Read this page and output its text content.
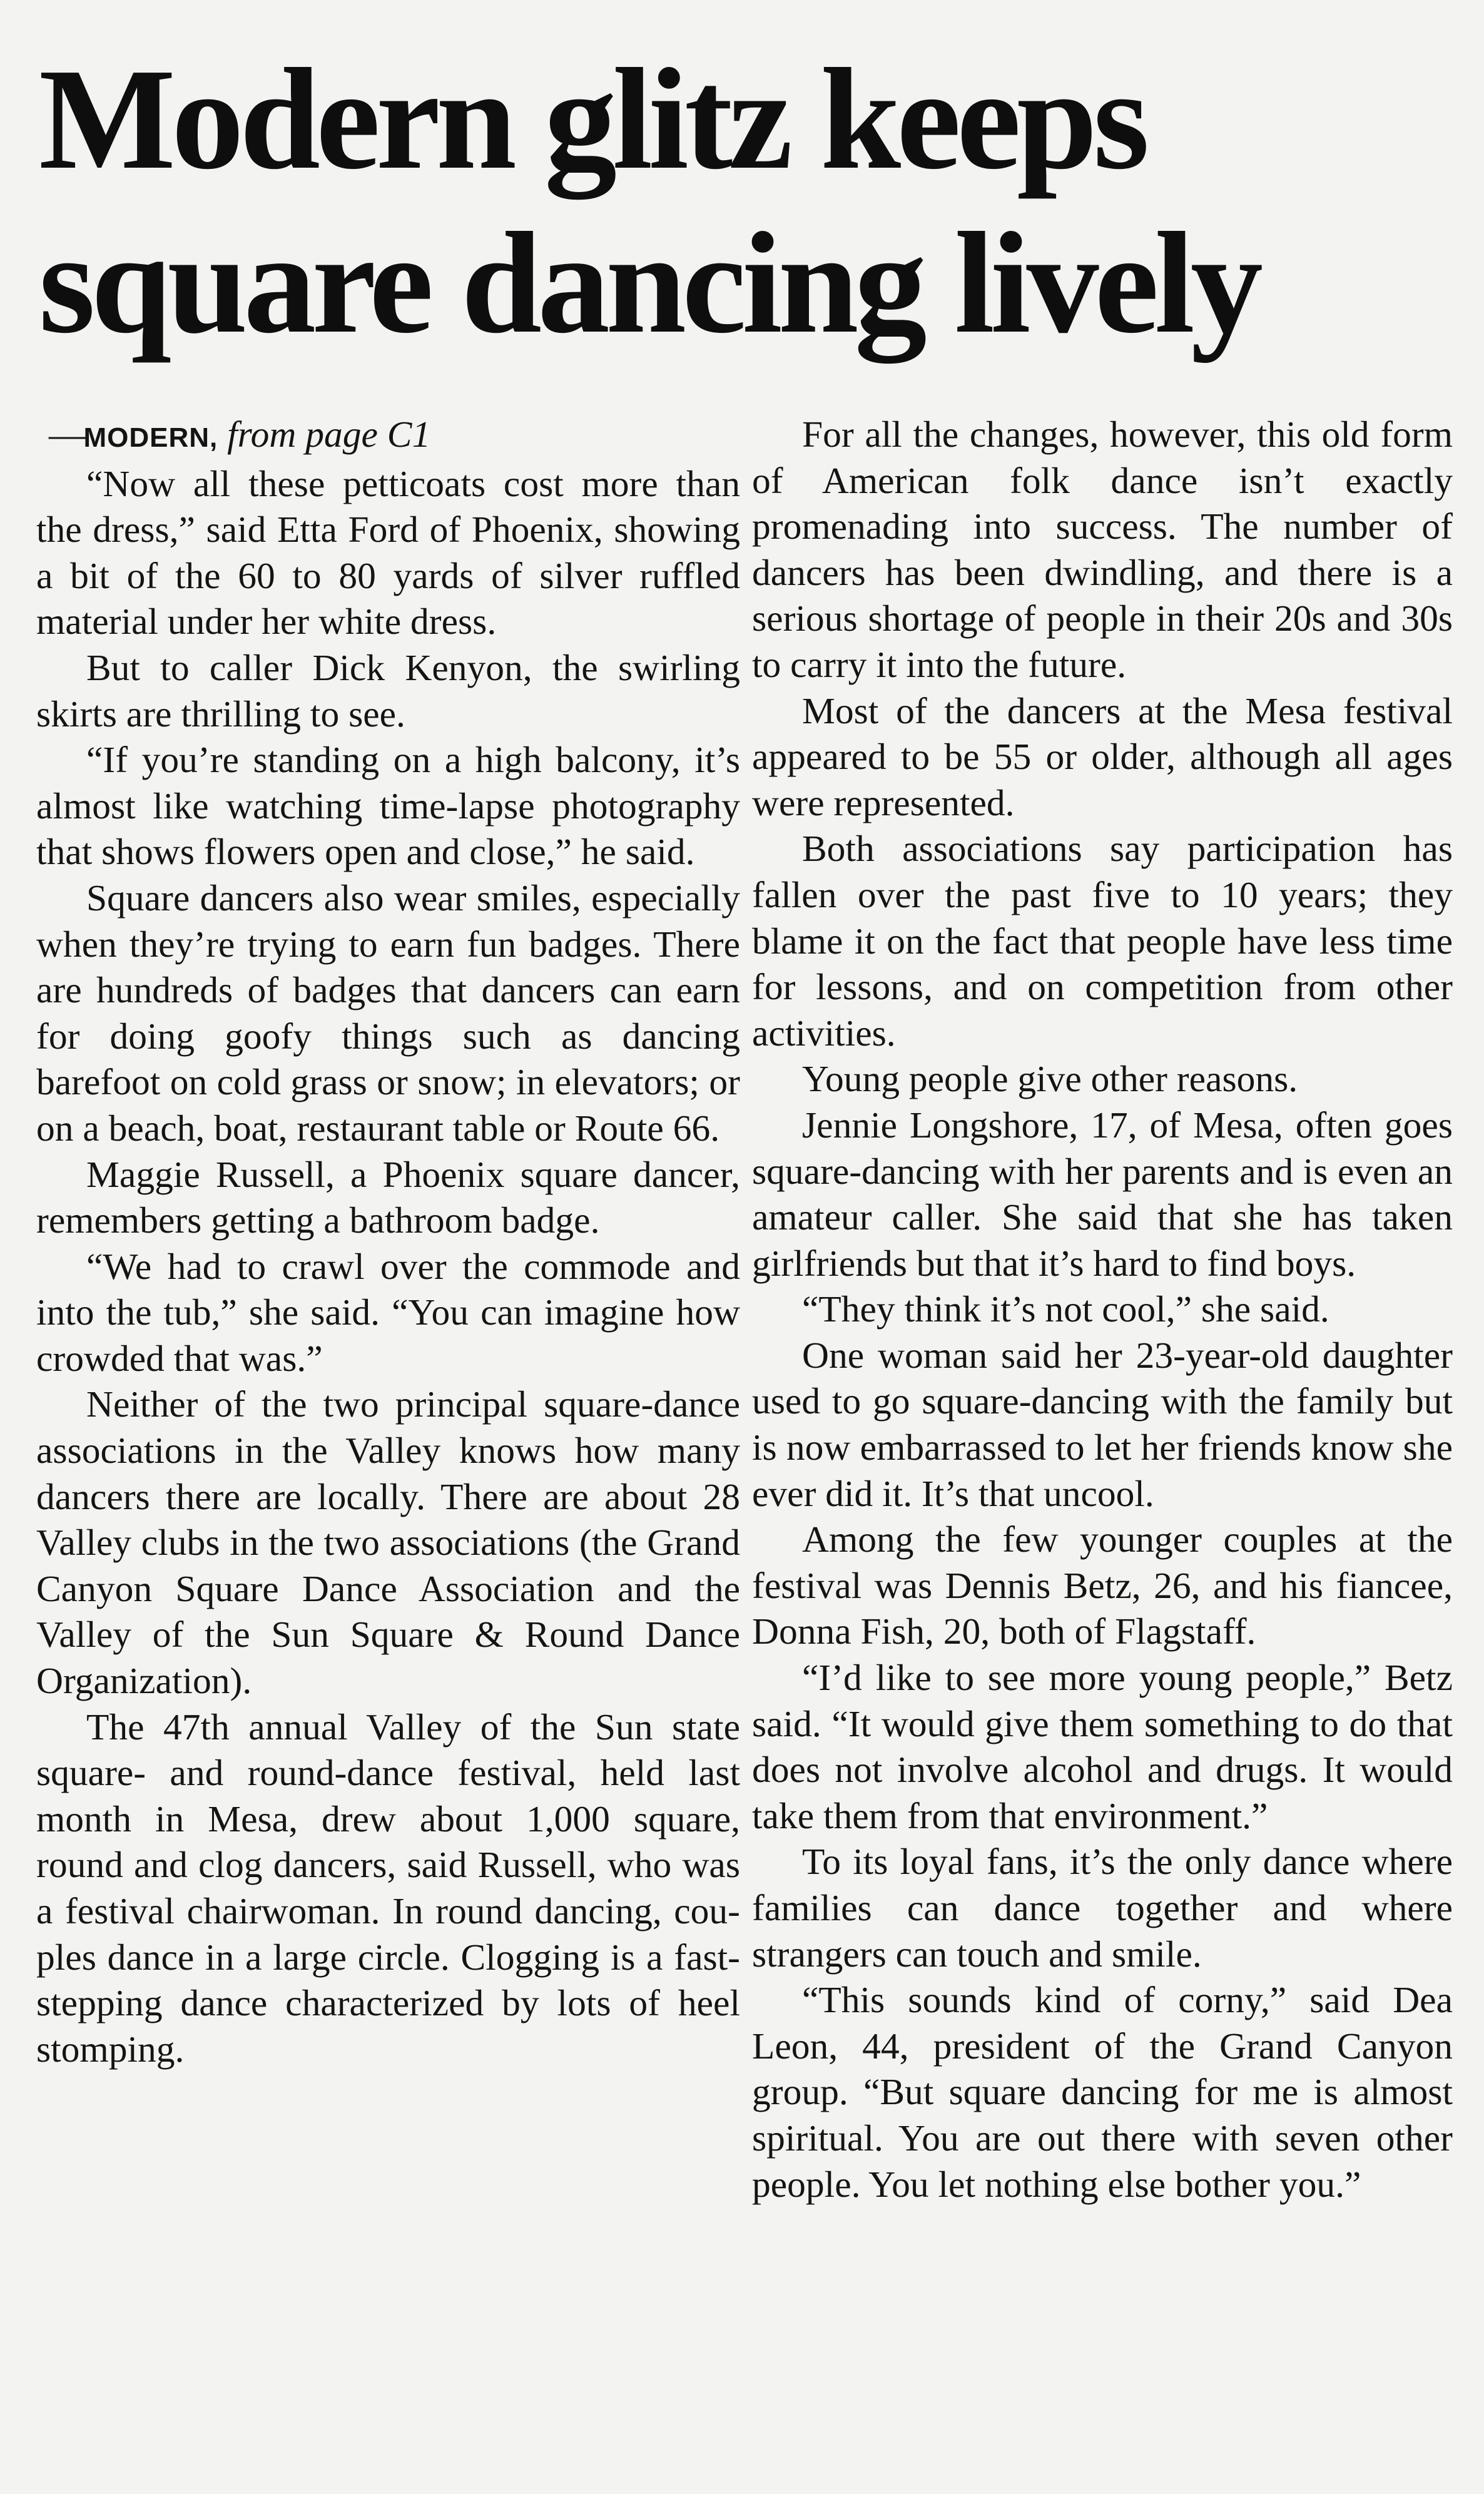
Modern glitz keeps
square dancing lively

—MODERN, from page C1

“Now all these petticoats cost more than the dress,” said Etta Ford of Phoenix, showing a bit of the 60 to 80 yards of silver ruffled material under her white dress.

But to caller Dick Kenyon, the swirling skirts are thrilling to see.

“If you’re standing on a high balcony, it’s almost like watching time-lapse photography that shows flowers open and close,” he said.

Square dancers also wear smiles, especially when they’re trying to earn fun badges. There are hundreds of badges that dancers can earn for doing goofy things such as dancing barefoot on cold grass or snow; in elevators; or on a beach, boat, restaurant table or Route 66.

Maggie Russell, a Phoenix square dancer, remembers getting a bathroom badge.

“We had to crawl over the commode and into the tub,” she said. “You can imagine how crowded that was.”

Neither of the two principal square-dance associations in the Valley knows how many dancers there are locally. There are about 28 Valley clubs in the two associations (the Grand Canyon Square Dance Association and the Valley of the Sun Square & Round Dance Organization).

The 47th annual Valley of the Sun state square- and round-dance festival, held last month in Mesa, drew about 1,000 square, round and clog dancers, said Russell, who was a festival chairwoman. In round dancing, couples dance in a large circle. Clogging is a fast-stepping dance characterized by lots of heel stomping.

For all the changes, however, this old form of American folk dance isn’t exactly promenading into success. The number of dancers has been dwindling, and there is a serious shortage of people in their 20s and 30s to carry it into the future.

Most of the dancers at the Mesa festival appeared to be 55 or older, although all ages were represented.

Both associations say participation has fallen over the past five to 10 years; they blame it on the fact that people have less time for lessons, and on competition from other activities.

Young people give other reasons.

Jennie Longshore, 17, of Mesa, often goes square-dancing with her parents and is even an amateur caller. She said that she has taken girlfriends but that it’s hard to find boys.

“They think it’s not cool,” she said.

One woman said her 23-year-old daughter used to go square-dancing with the family but is now embarrassed to let her friends know she ever did it. It’s that uncool.

Among the few younger couples at the festival was Dennis Betz, 26, and his fiancee, Donna Fish, 20, both of Flagstaff.

“I’d like to see more young people,” Betz said. “It would give them something to do that does not involve alcohol and drugs. It would take them from that environment.”

To its loyal fans, it’s the only dance where families can dance together and where strangers can touch and smile.

“This sounds kind of corny,” said Dea Leon, 44, president of the Grand Canyon group. “But square dancing for me is almost spiritual. You are out there with seven other people. You let nothing else bother you.”
